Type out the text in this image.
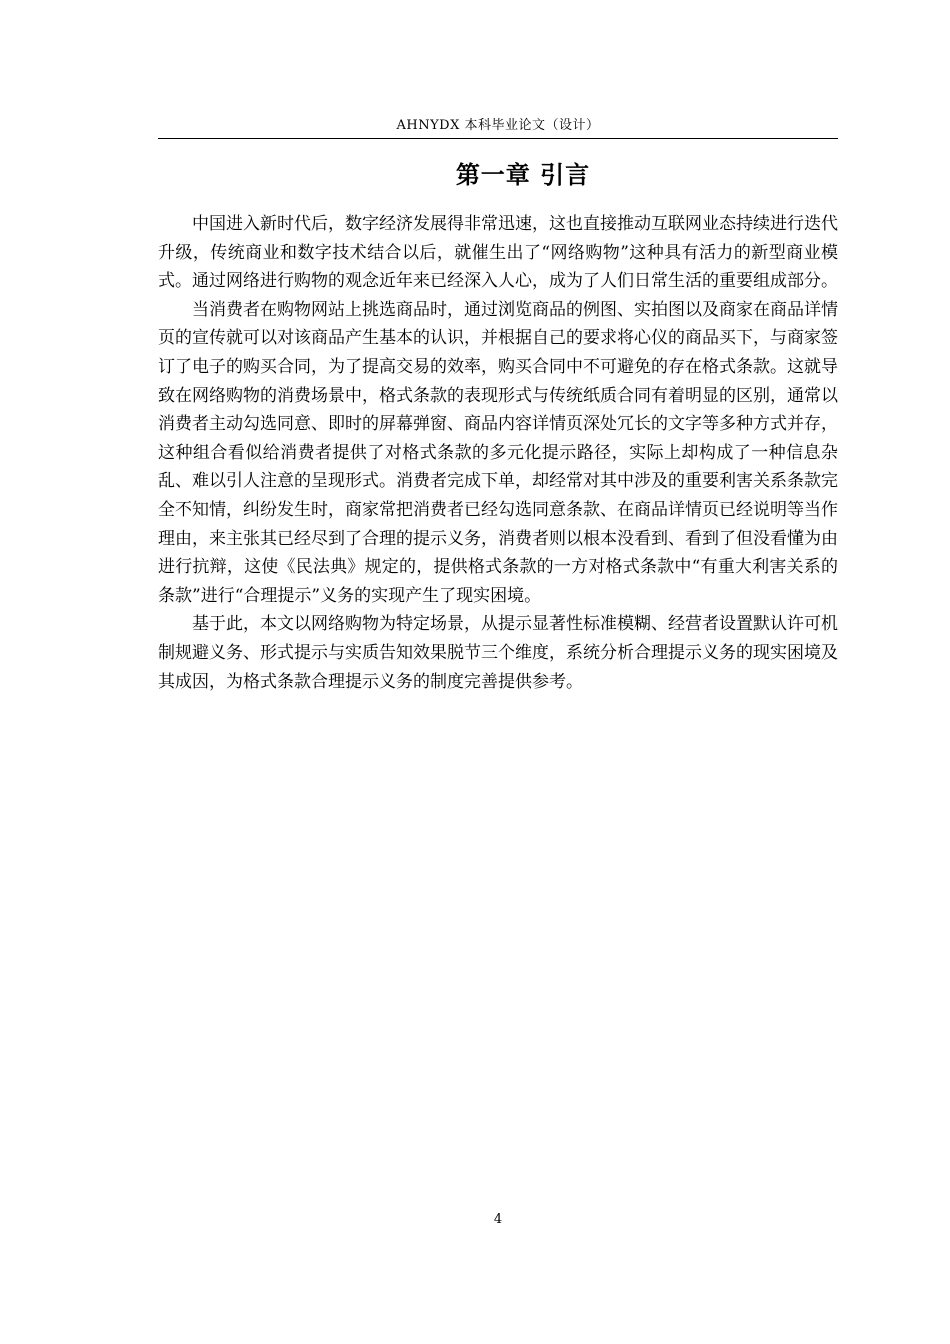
AHNYDX 本科毕业论文（设计）
第一章 引言

中国进入新时代后，数字经济发展得非常迅速，这也直接推动互联网业态持续进行迭代升级，传统商业和数字技术结合以后，就催生出了“网络购物”这种具有活力的新型商业模式。通过网络进行购物的观念近年来已经深入人心，成为了人们日常生活的重要组成部分。

当消费者在购物网站上挑选商品时，通过浏览商品的例图、实拍图以及商家在商品详情页的宣传就可以对该商品产生基本的认识，并根据自己的要求将心仪的商品买下，与商家签订了电子的购买合同，为了提高交易的效率，购买合同中不可避免的存在格式条款。这就导致在网络购物的消费场景中，格式条款的表现形式与传统纸质合同有着明显的区别，通常以消费者主动勾选同意、即时的屏幕弹窗、商品内容详情页深处冗长的文字等多种方式并存，这种组合看似给消费者提供了对格式条款的多元化提示路径，实际上却构成了一种信息杂乱、难以引人注意的呈现形式。消费者完成下单，却经常对其中涉及的重要利害关系条款完全不知情，纠纷发生时，商家常把消费者已经勾选同意条款、在商品详情页已经说明等当作理由，来主张其已经尽到了合理的提示义务，消费者则以根本没看到、看到了但没看懂为由进行抗辩，这使《民法典》规定的，提供格式条款的一方对格式条款中“有重大利害关系的条款”进行“合理提示”义务的实现产生了现实困境。

基于此，本文以网络购物为特定场景，从提示显著性标准模糊、经营者设置默认许可机制规避义务、形式提示与实质告知效果脱节三个维度，系统分析合理提示义务的现实困境及其成因，为格式条款合理提示义务的制度完善提供参考。

4
